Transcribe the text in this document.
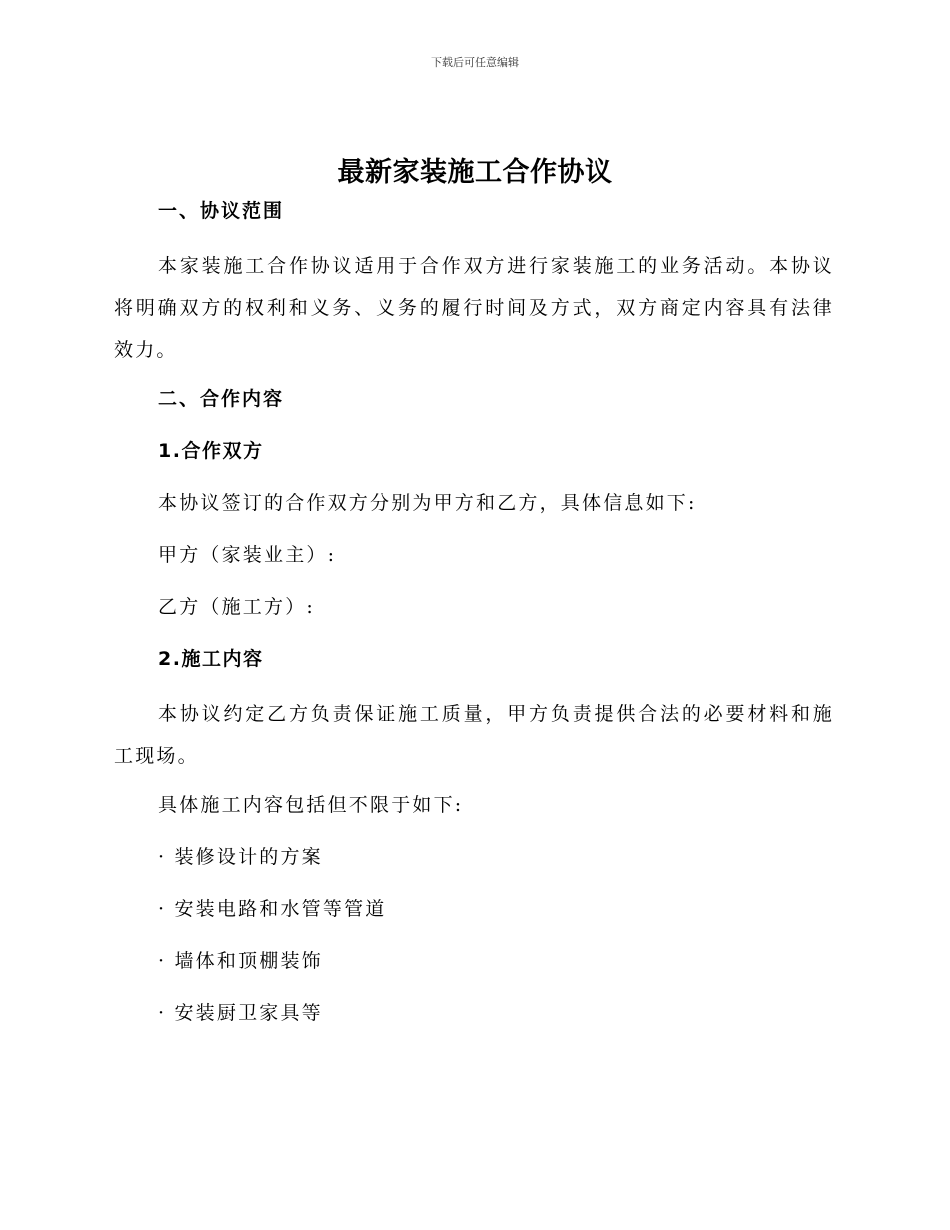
下载后可任意编辑
最新家装施工合作协议

一、协议范围

本家装施工合作协议适用于合作双方进行家装施工的业务活动。本协议将明确双方的权利和义务、义务的履行时间及方式，双方商定内容具有法律效力。

二、合作内容

1.合作双方

本协议签订的合作双方分别为甲方和乙方，具体信息如下:

甲方（家装业主）:

乙方（施工方）:

2.施工内容

本协议约定乙方负责保证施工质量，甲方负责提供合法的必要材料和施工现场。

具体施工内容包括但不限于如下:

· 装修设计的方案

· 安装电路和水管等管道

· 墙体和顶棚装饰

· 安装厨卫家具等
